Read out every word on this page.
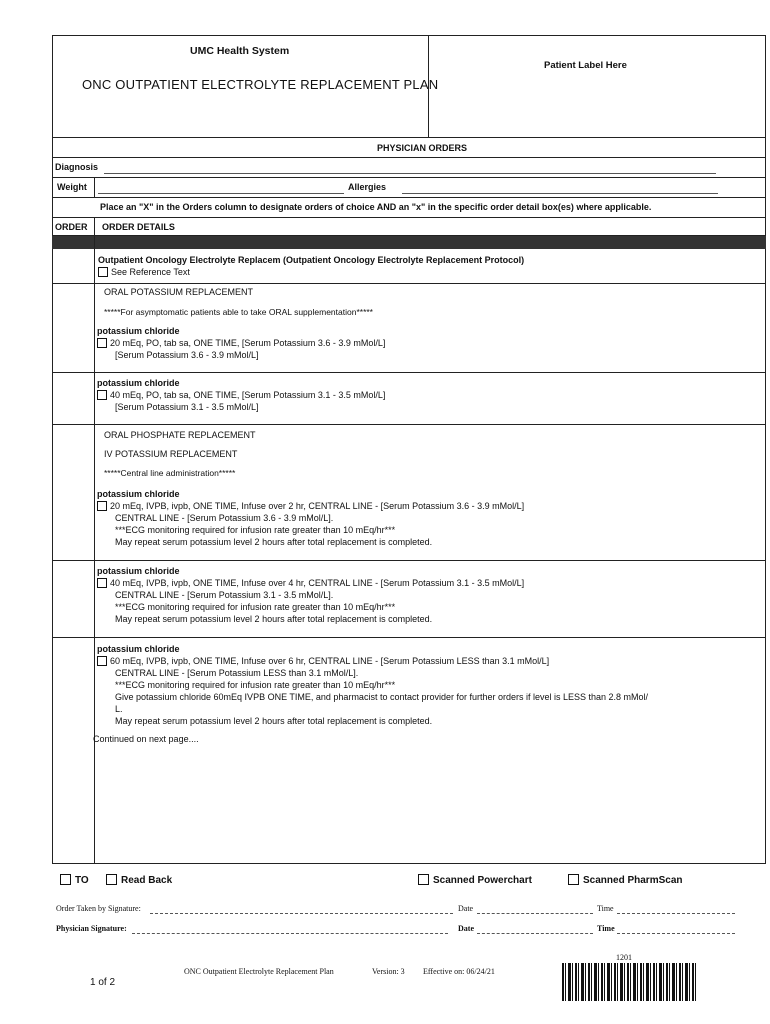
UMC Health System
ONC OUTPATIENT ELECTROLYTE REPLACEMENT PLAN
Patient Label Here
PHYSICIAN ORDERS
Diagnosis
Weight	Allergies
Place an "X" in the Orders column to designate orders of choice AND an "x" in the specific order detail box(es) where applicable.
ORDER ORDER DETAILS
Outpatient Oncology Electrolyte Replacem (Outpatient Oncology Electrolyte Replacement Protocol)
See Reference Text
ORAL POTASSIUM REPLACEMENT
*****For asymptomatic patients able to take ORAL supplementation*****
potassium chloride
20 mEq, PO, tab sa, ONE TIME, [Serum Potassium 3.6 - 3.9 mMol/L]
[Serum Potassium 3.6 - 3.9 mMol/L]
potassium chloride
40 mEq, PO, tab sa, ONE TIME, [Serum Potassium 3.1 - 3.5 mMol/L]
[Serum Potassium 3.1 - 3.5 mMol/L]
ORAL PHOSPHATE REPLACEMENT
IV POTASSIUM REPLACEMENT
*****Central line administration*****
potassium chloride
20 mEq, IVPB, ivpb, ONE TIME, Infuse over 2 hr, CENTRAL LINE - [Serum Potassium 3.6 - 3.9 mMol/L]
CENTRAL LINE - [Serum Potassium 3.6 - 3.9 mMol/L].
***ECG monitoring required for infusion rate greater than 10 mEq/hr***
May repeat serum potassium level 2 hours after total replacement is completed.
potassium chloride
40 mEq, IVPB, ivpb, ONE TIME, Infuse over 4 hr, CENTRAL LINE - [Serum Potassium 3.1 - 3.5 mMol/L]
CENTRAL LINE - [Serum Potassium 3.1 - 3.5 mMol/L].
***ECG monitoring required for infusion rate greater than 10 mEq/hr***
May repeat serum potassium level 2 hours after total replacement is completed.
potassium chloride
60 mEq, IVPB, ivpb, ONE TIME, Infuse over 6 hr, CENTRAL LINE - [Serum Potassium LESS than 3.1 mMol/L]
CENTRAL LINE - [Serum Potassium LESS than 3.1 mMol/L].
***ECG monitoring required for infusion rate greater than 10 mEq/hr***
Give potassium chloride 60mEq IVPB ONE TIME, and pharmacist to contact provider for further orders if level is LESS than 2.8 mMol/
L.
May repeat serum potassium level 2 hours after total replacement is completed.
Continued on next page....
TO	Read Back	Scanned Powerchart	Scanned PharmScan
Order Taken by Signature:	Date	Time
Physician Signature:	Date	Time
ONC Outpatient Electrolyte Replacement Plan	Version: 3 Effective on: 06/24/21
1 of 2
1201
